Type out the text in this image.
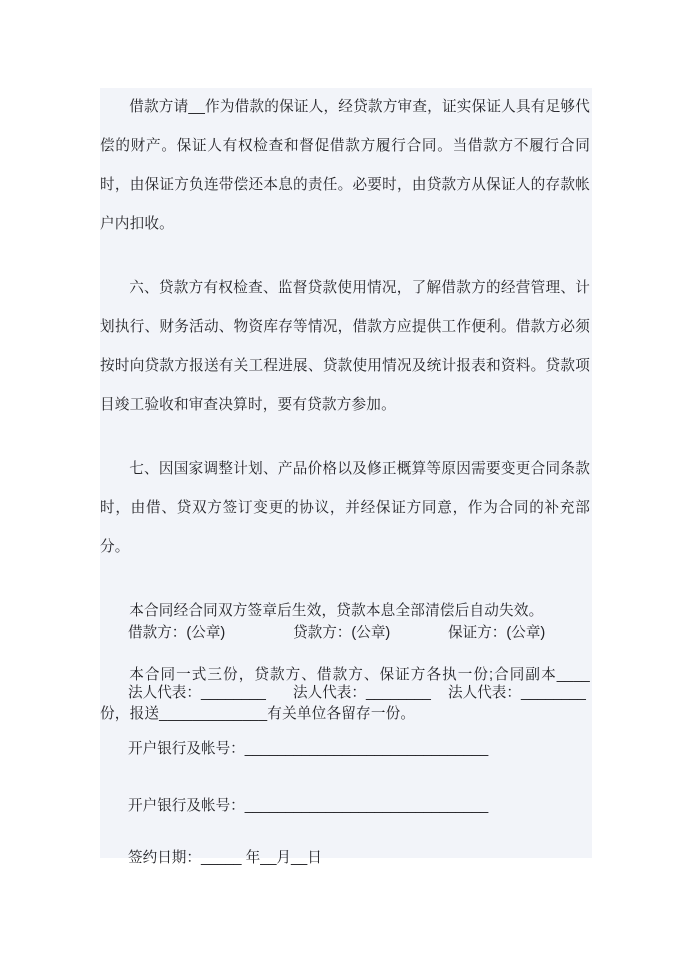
借款方请__作为借款的保证人，经贷款方审查，证实保证人具有足够代偿的财产。保证人有权检查和督促借款方履行合同。当借款方不履行合同时，由保证方负连带偿还本息的责任。必要时，由贷款方从保证人的存款帐户内扣收。

六、贷款方有权检查、监督贷款使用情况，了解借款方的经营管理、计划执行、财务活动、物资库存等情况，借款方应提供工作便利。借款方必须按时向贷款方报送有关工程进展、贷款使用情况及统计报表和资料。贷款项目竣工验收和审查决算时，要有贷款方参加。

七、因国家调整计划、产品价格以及修正概算等原因需要变更合同条款时，由借、贷双方签订变更的协议，并经保证方同意，作为合同的补充部分。

本合同经合同双方签章后生效，贷款本息全部清偿后自动失效。

本合同一式三份，贷款方、借款方、保证方各执一份;合同副本____份，报送_____________有关单位各留存一份。

借款方：(公章)	贷款方：(公章)	保证方：(公章)
法人代表：________ 法人代表：________ 法人代表：________
开户银行及帐号：______________________________
开户银行及帐号：______________________________
签约日期：_____ 年__月__日
